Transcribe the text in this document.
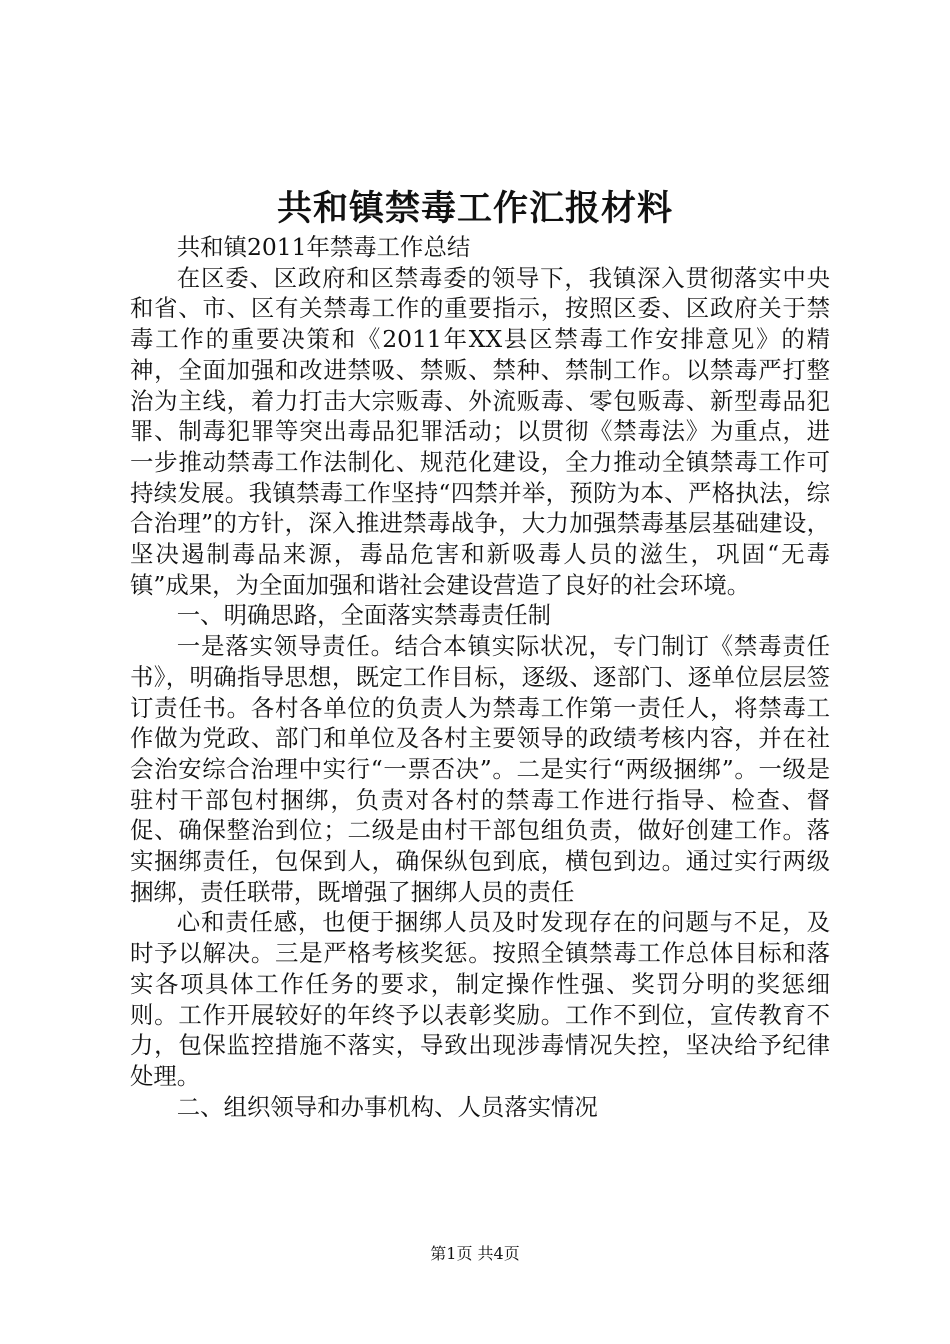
共和镇禁毒工作汇报材料

共和镇2011年禁毒工作总结

在区委、区政府和区禁毒委的领导下，我镇深入贯彻落实中央和省、市、区有关禁毒工作的重要指示，按照区委、区政府关于禁毒工作的重要决策和《2011年XX县区禁毒工作安排意见》的精神，全面加强和改进禁吸、禁贩、禁种、禁制工作。以禁毒严打整治为主线，着力打击大宗贩毒、外流贩毒、零包贩毒、新型毒品犯罪、制毒犯罪等突出毒品犯罪活动；以贯彻《禁毒法》为重点，进一步推动禁毒工作法制化、规范化建设，全力推动全镇禁毒工作可持续发展。我镇禁毒工作坚持“四禁并举，预防为本、严格执法，综合治理”的方针，深入推进禁毒战争，大力加强禁毒基层基础建设，坚决遏制毒品来源，毒品危害和新吸毒人员的滋生，巩固“无毒镇”成果，为全面加强和谐社会建设营造了良好的社会环境。

一、明确思路，全面落实禁毒责任制

一是落实领导责任。结合本镇实际状况，专门制订《禁毒责任书》，明确指导思想，既定工作目标，逐级、逐部门、逐单位层层签订责任书。各村各单位的负责人为禁毒工作第一责任人，将禁毒工作做为党政、部门和单位及各村主要领导的政绩考核内容，并在社会治安综合治理中实行“一票否决”。二是实行“两级捆绑”。一级是驻村干部包村捆绑，负责对各村的禁毒工作进行指导、检查、督促、确保整治到位；二级是由村干部包组负责，做好创建工作。落实捆绑责任，包保到人，确保纵包到底，横包到边。通过实行两级捆绑，责任联带，既增强了捆绑人员的责任

心和责任感，也便于捆绑人员及时发现存在的问题与不足，及时予以解决。三是严格考核奖惩。按照全镇禁毒工作总体目标和落实各项具体工作任务的要求，制定操作性强、奖罚分明的奖惩细则。工作开展较好的年终予以表彰奖励。工作不到位，宣传教育不力，包保监控措施不落实，导致出现涉毒情况失控，坚决给予纪律处理。

二、组织领导和办事机构、人员落实情况

第1页 共4页
